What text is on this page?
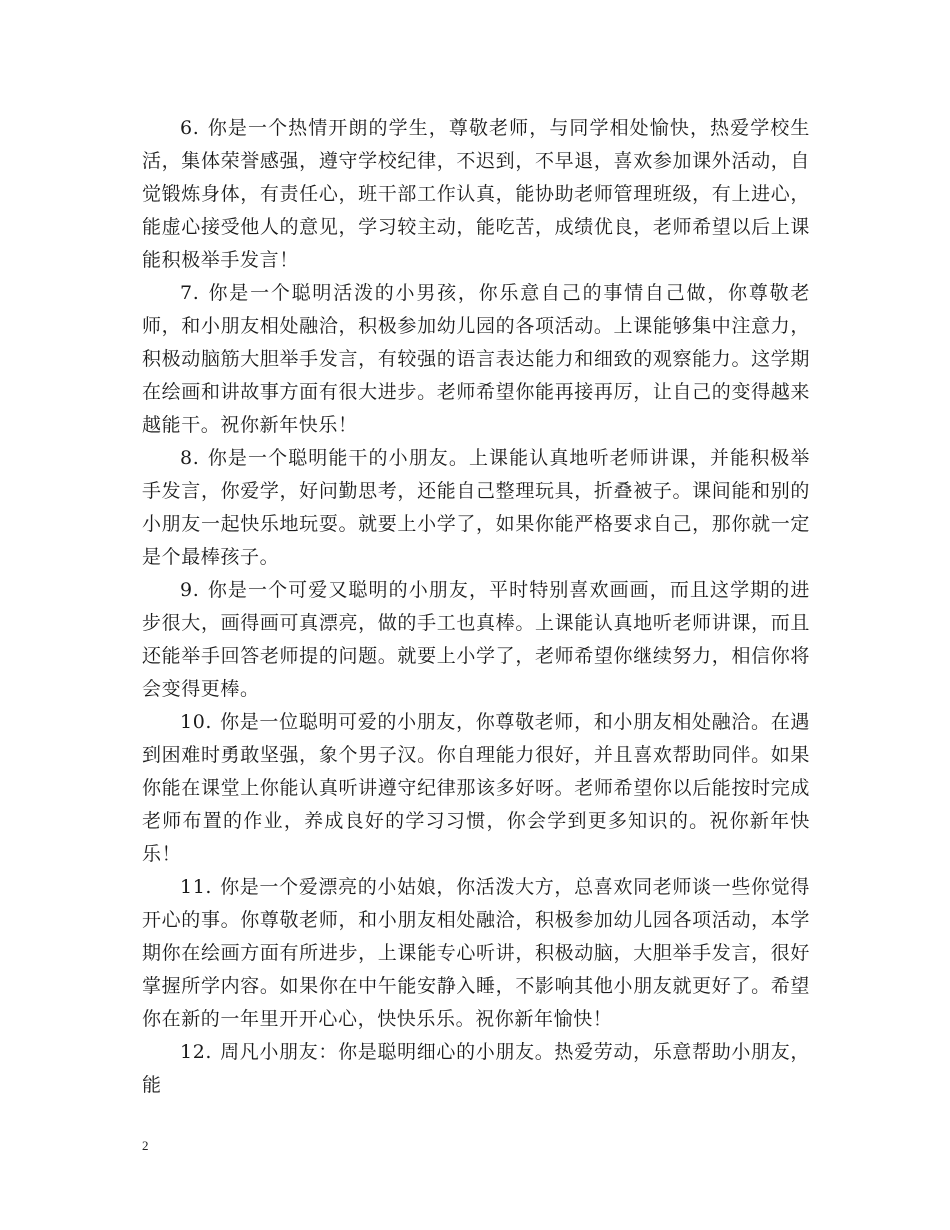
6. 你是一个热情开朗的学生，尊敬老师，与同学相处愉快，热爱学校生活，集体荣誉感强，遵守学校纪律，不迟到，不早退，喜欢参加课外活动，自觉锻炼身体，有责任心，班干部工作认真，能协助老师管理班级，有上进心，能虚心接受他人的意见，学习较主动，能吃苦，成绩优良，老师希望以后上课能积极举手发言！

7. 你是一个聪明活泼的小男孩，你乐意自己的事情自己做，你尊敬老师，和小朋友相处融洽，积极参加幼儿园的各项活动。上课能够集中注意力，积极动脑筋大胆举手发言，有较强的语言表达能力和细致的观察能力。这学期在绘画和讲故事方面有很大进步。老师希望你能再接再厉，让自己的变得越来越能干。祝你新年快乐！

8. 你是一个聪明能干的小朋友。上课能认真地听老师讲课，并能积极举手发言，你爱学，好问勤思考，还能自己整理玩具，折叠被子。课间能和别的小朋友一起快乐地玩耍。就要上小学了，如果你能严格要求自己，那你就一定是个最棒孩子。

9. 你是一个可爱又聪明的小朋友，平时特别喜欢画画，而且这学期的进步很大，画得画可真漂亮，做的手工也真棒。上课能认真地听老师讲课，而且还能举手回答老师提的问题。就要上小学了，老师希望你继续努力，相信你将会变得更棒。

10. 你是一位聪明可爱的小朋友，你尊敬老师，和小朋友相处融洽。在遇到困难时勇敢坚强，象个男子汉。你自理能力很好，并且喜欢帮助同伴。如果你能在课堂上你能认真听讲遵守纪律那该多好呀。老师希望你以后能按时完成老师布置的作业，养成良好的学习习惯，你会学到更多知识的。祝你新年快乐！

11. 你是一个爱漂亮的小姑娘，你活泼大方，总喜欢同老师谈一些你觉得开心的事。你尊敬老师，和小朋友相处融洽，积极参加幼儿园各项活动，本学期你在绘画方面有所进步，上课能专心听讲，积极动脑，大胆举手发言，很好掌握所学内容。如果你在中午能安静入睡，不影响其他小朋友就更好了。希望你在新的一年里开开心心，快快乐乐。祝你新年愉快！

12. 周凡小朋友：你是聪明细心的小朋友。热爱劳动，乐意帮助小朋友，能

2
